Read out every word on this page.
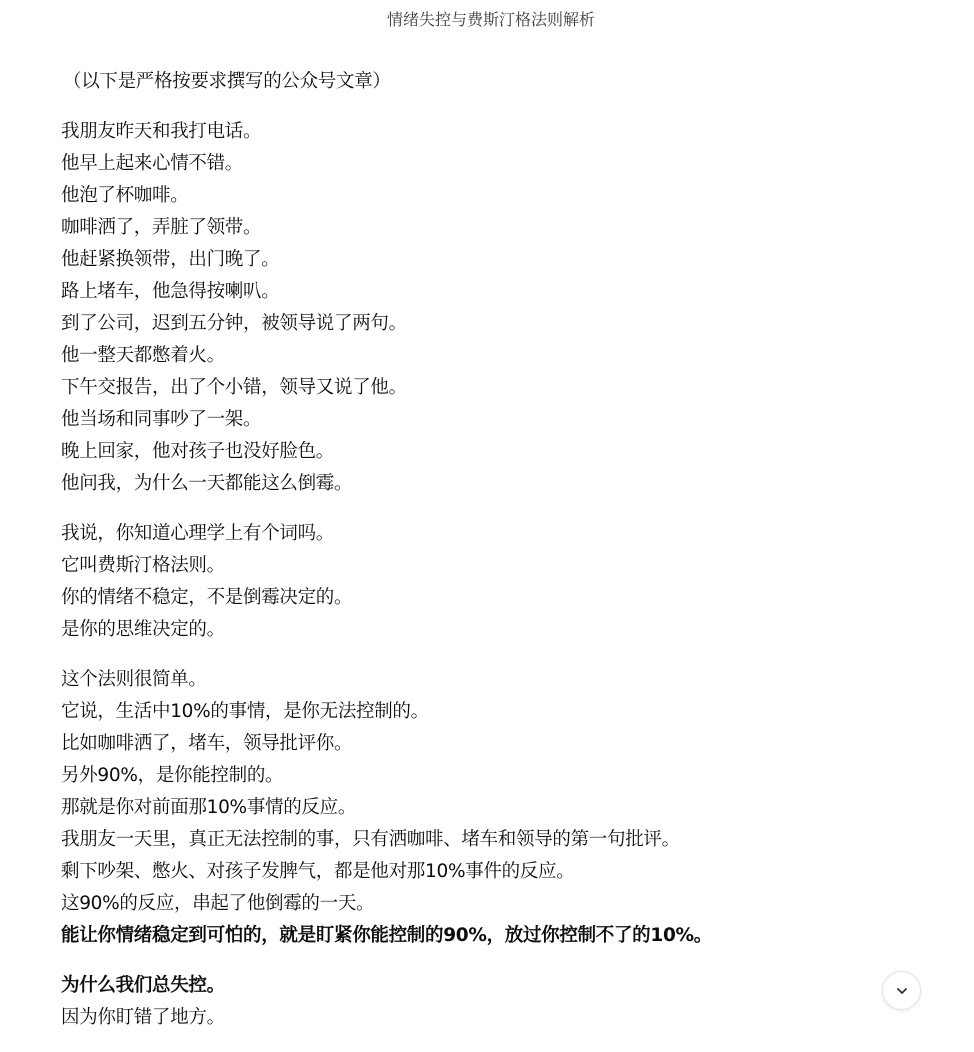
情绪失控与费斯汀格法则解析
（以下是严格按要求撰写的公众号文章）
我朋友昨天和我打电话。
他早上起来心情不错。
他泡了杯咖啡。
咖啡洒了，弄脏了领带。
他赶紧换领带，出门晚了。
路上堵车，他急得按喇叭。
到了公司，迟到五分钟，被领导说了两句。
他一整天都憋着火。
下午交报告，出了个小错，领导又说了他。
他当场和同事吵了一架。
晚上回家，他对孩子也没好脸色。
他问我，为什么一天都能这么倒霉。
我说，你知道心理学上有个词吗。
它叫费斯汀格法则。
你的情绪不稳定，不是倒霉决定的。
是你的思维决定的。
这个法则很简单。
它说，生活中10%的事情，是你无法控制的。
比如咖啡洒了，堵车，领导批评你。
另外90%，是你能控制的。
那就是你对前面那10%事情的反应。
我朋友一天里，真正无法控制的事，只有洒咖啡、堵车和领导的第一句批评。
剩下吵架、憋火、对孩子发脾气，都是他对那10%事件的反应。
这90%的反应，串起了他倒霉的一天。
能让你情绪稳定到可怕的，就是盯紧你能控制的90%，放过你控制不了的10%。
为什么我们总失控。
因为你盯错了地方。
